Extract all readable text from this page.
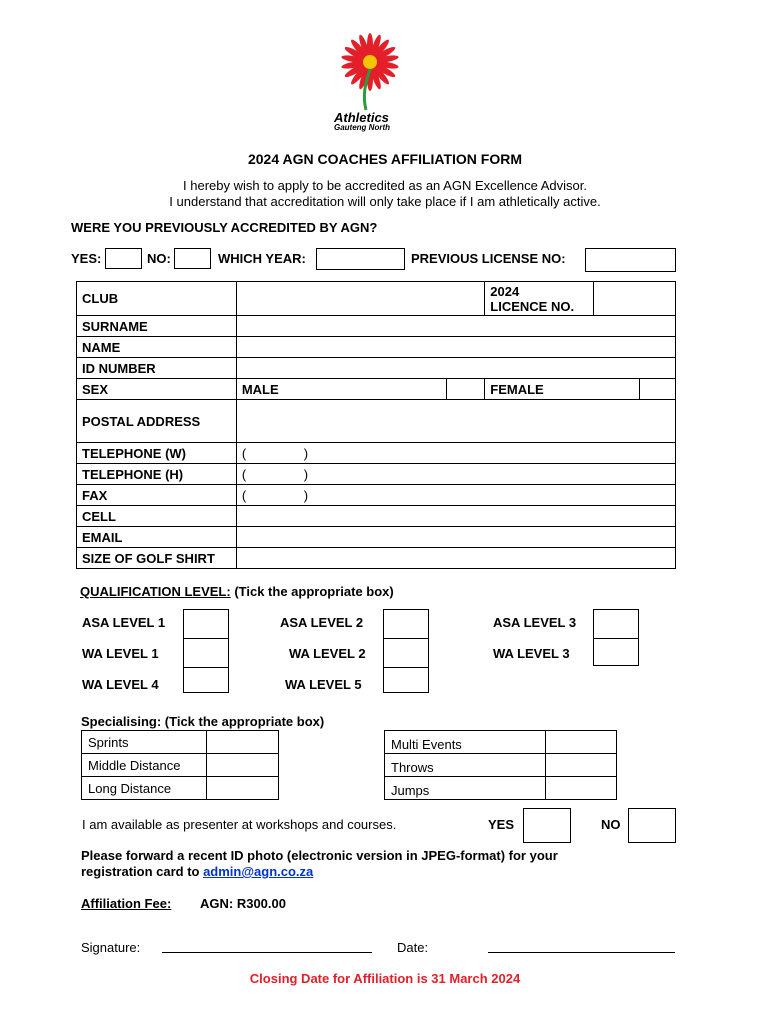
Athletics
Gauteng North
2024 AGN COACHES AFFILIATION FORM
I hereby wish to apply to be accredited as an AGN Excellence Advisor.
I understand that accreditation will only take place if I am athletically active.
WERE YOU PREVIOUSLY ACCREDITED BY AGN?
YES:	NO:	WHICH YEAR:	PREVIOUS LICENSE NO:
CLUB			2024
LICENCE NO.		
SURNAME					
NAME					
ID NUMBER					
SEX	MALE		FEMALE		
POSTAL ADDRESS					
TELEPHONE (W)	( )				
TELEPHONE (H)	( )				
FAX	( )				
CELL					
EMAIL					
SIZE OF GOLF SHIRT					
QUALIFICATION LEVEL: (Tick the appropriate box)
ASA LEVEL 1	ASA LEVEL 2	ASA LEVEL 3
WA LEVEL 1	WA LEVEL 2	WA LEVEL 3
WA LEVEL 4	WA LEVEL 5
Specialising: (Tick the appropriate box)
Sprints	
Middle Distance	
Long Distance	
Multi Events	
Throws	
Jumps	
I am available as presenter at workshops and courses.	YES	NO
Please forward a recent ID photo (electronic version in JPEG-format) for your
registration card to admin@agn.co.za
Affiliation Fee: AGN: R300.00
Signature:	Date:
Closing Date for Affiliation is 31 March 2024
